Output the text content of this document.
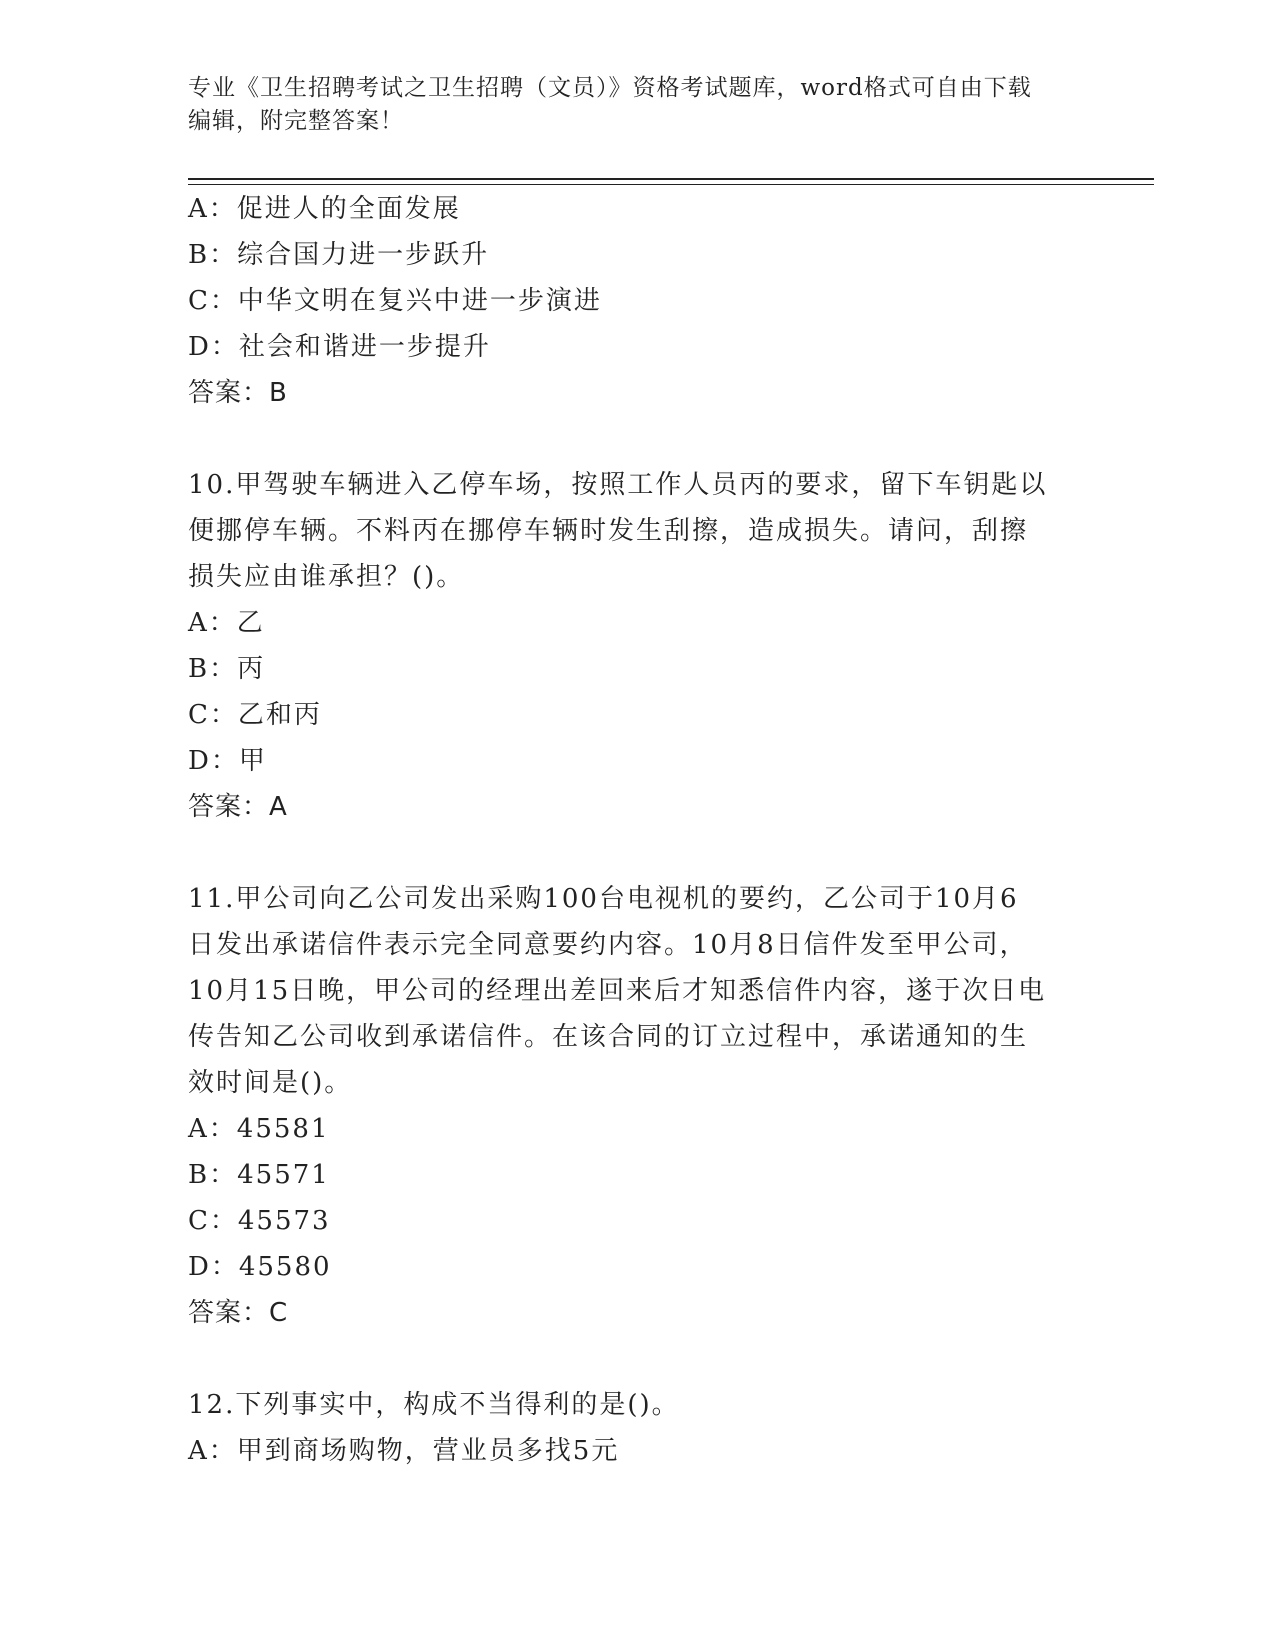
专业《卫生招聘考试之卫生招聘（文员）》资格考试题库，word格式可自由下载
编辑，附完整答案！
A：促进人的全面发展
B：综合国力进一步跃升
C：中华文明在复兴中进一步演进
D：社会和谐进一步提升
答案：B
10.甲驾驶车辆进入乙停车场，按照工作人员丙的要求，留下车钥匙以
便挪停车辆。不料丙在挪停车辆时发生刮擦，造成损失。请问，刮擦
损失应由谁承担？()。
A：乙
B：丙
C：乙和丙
D：甲
答案：A
11.甲公司向乙公司发出采购100台电视机的要约，乙公司于10月6
日发出承诺信件表示完全同意要约内容。10月8日信件发至甲公司，
10月15日晚，甲公司的经理出差回来后才知悉信件内容，遂于次日电
传告知乙公司收到承诺信件。在该合同的订立过程中，承诺通知的生
效时间是()。
A：45581
B：45571
C：45573
D：45580
答案：C
12.下列事实中，构成不当得利的是()。
A：甲到商场购物，营业员多找5元
